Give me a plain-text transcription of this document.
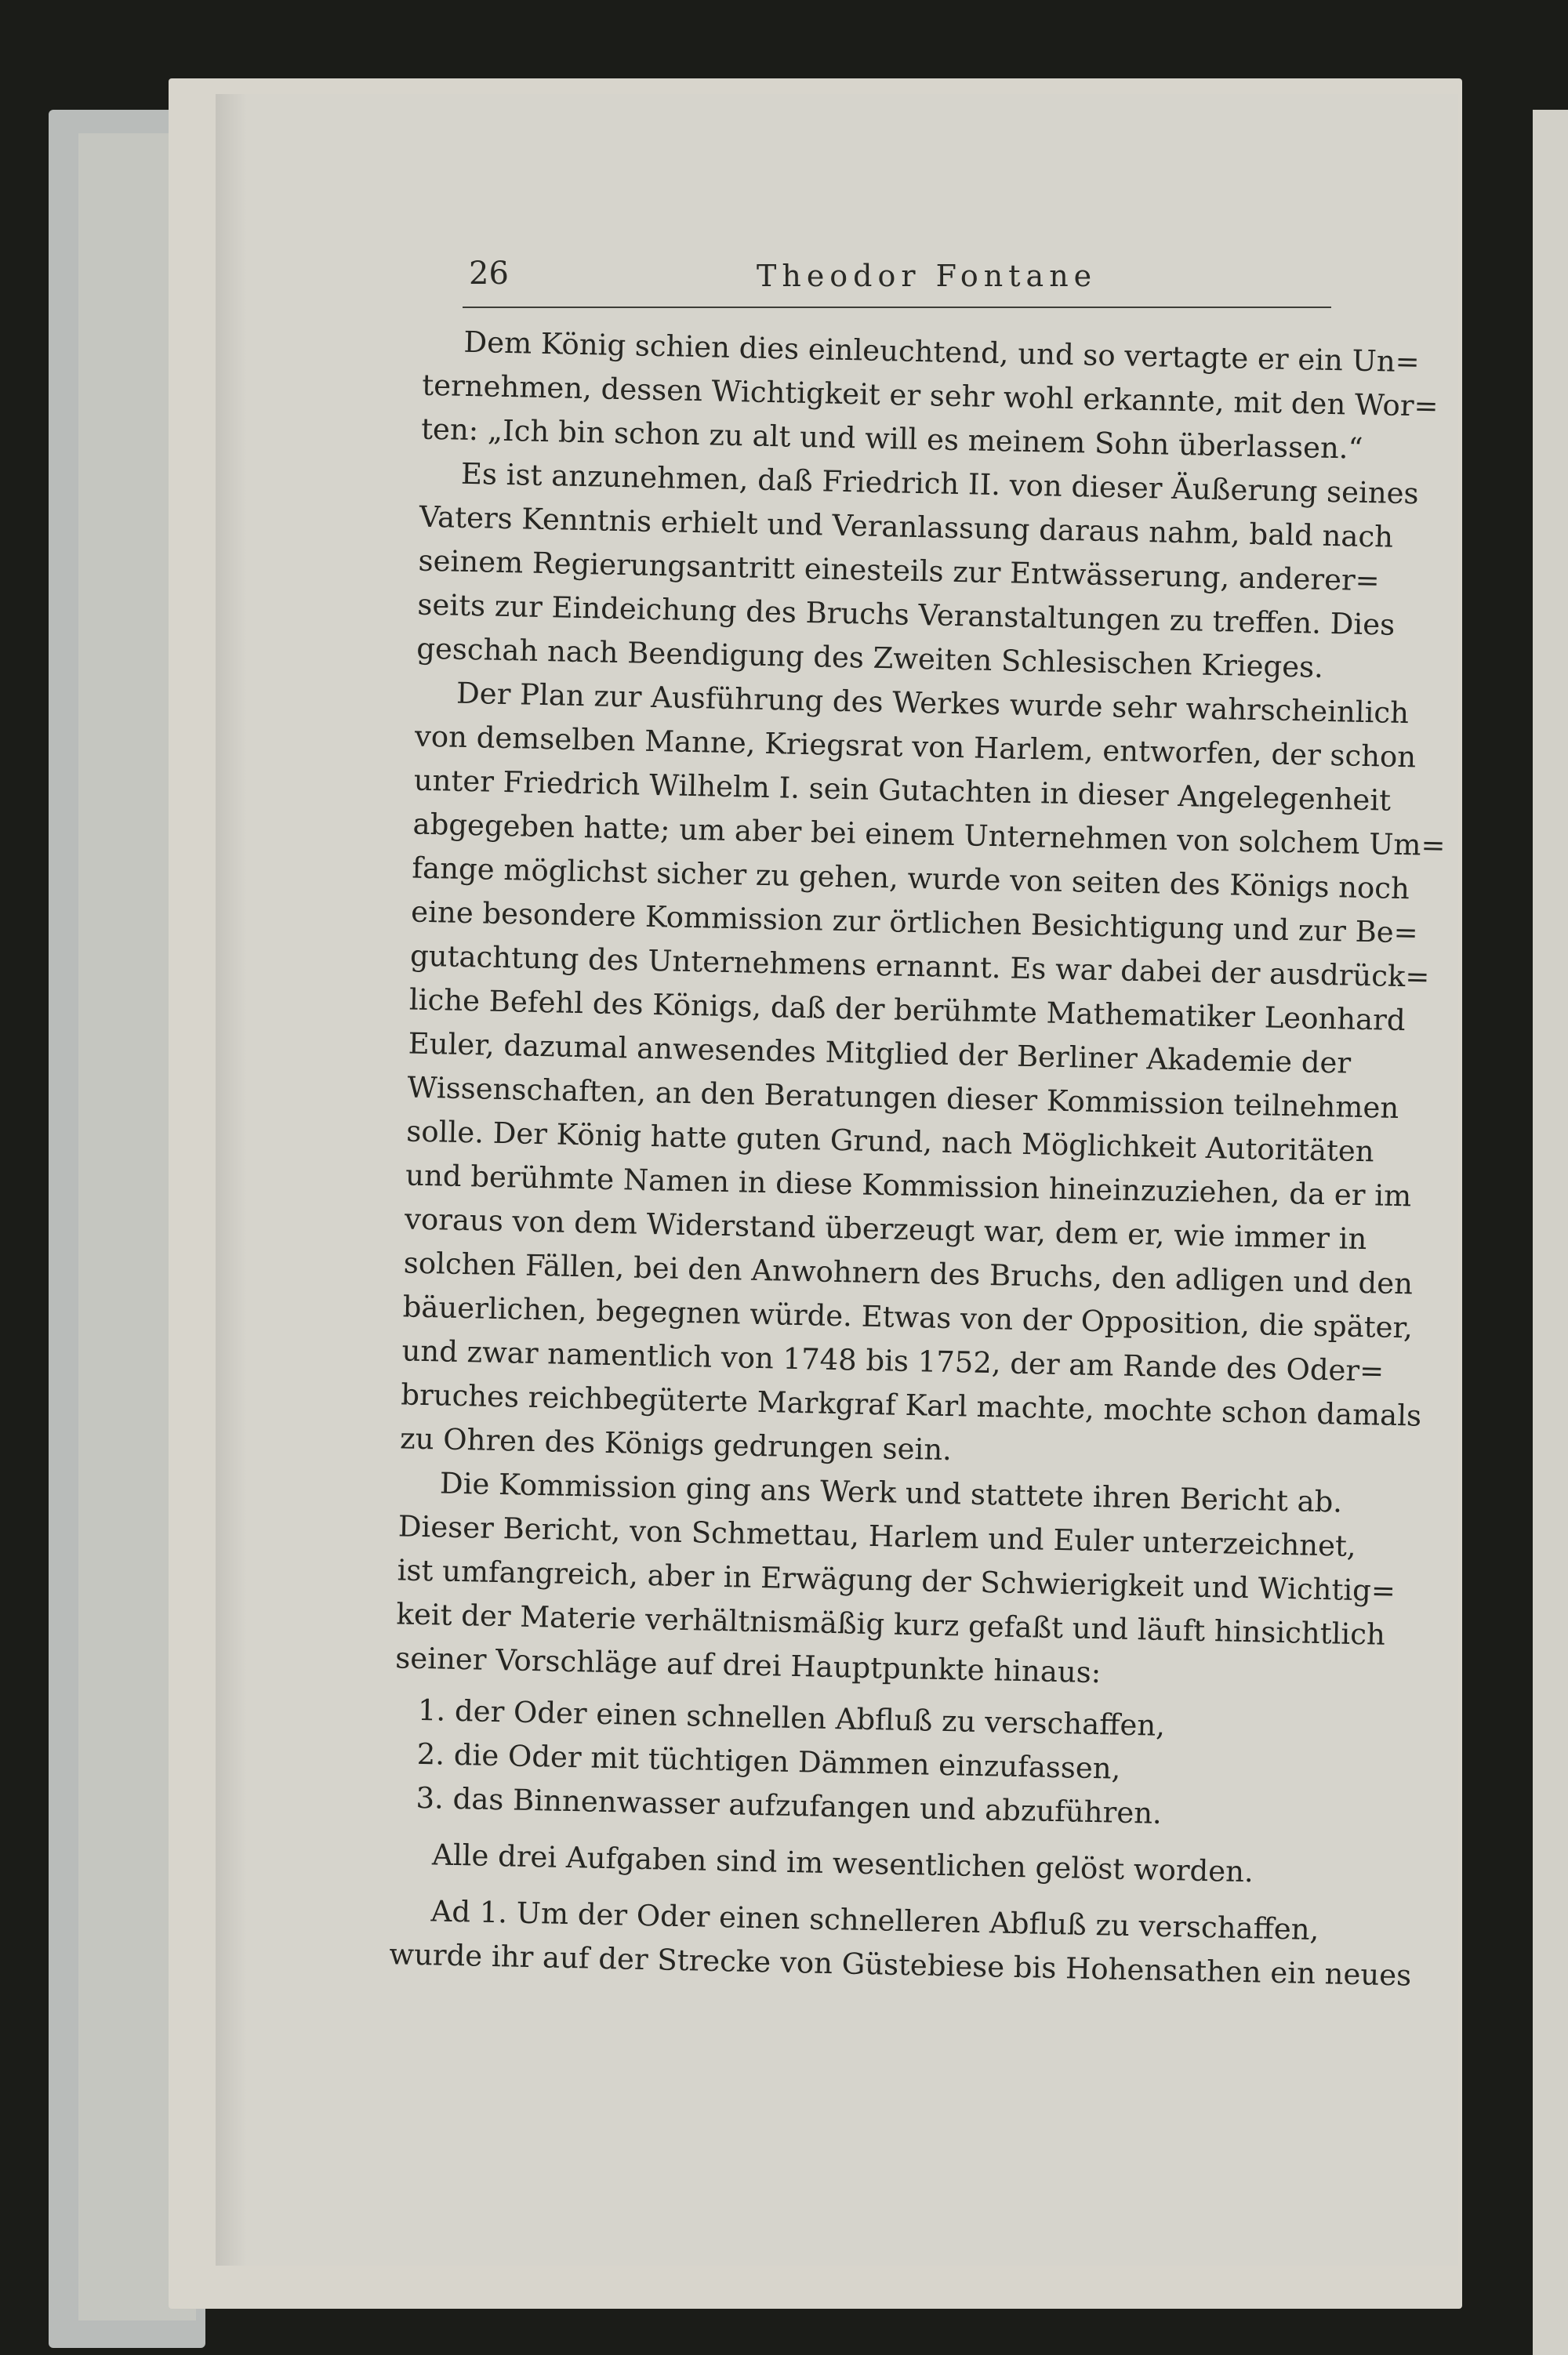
26	Theodor Fontane
Dem König schien dies einleuchtend, und so vertagte er ein Un=
ternehmen, dessen Wichtigkeit er sehr wohl erkannte, mit den Wor=
ten: „Ich bin schon zu alt und will es meinem Sohn überlassen.“
Es ist anzunehmen, daß Friedrich II. von dieser Äußerung seines
Vaters Kenntnis erhielt und Veranlassung daraus nahm, bald nach
seinem Regierungsantritt einesteils zur Entwässerung, anderer=
seits zur Eindeichung des Bruchs Veranstaltungen zu treffen. Dies
geschah nach Beendigung des Zweiten Schlesischen Krieges.
Der Plan zur Ausführung des Werkes wurde sehr wahrscheinlich
von demselben Manne, Kriegsrat von Harlem, entworfen, der schon
unter Friedrich Wilhelm I. sein Gutachten in dieser Angelegenheit
abgegeben hatte; um aber bei einem Unternehmen von solchem Um=
fange möglichst sicher zu gehen, wurde von seiten des Königs noch
eine besondere Kommission zur örtlichen Besichtigung und zur Be=
gutachtung des Unternehmens ernannt. Es war dabei der ausdrück=
liche Befehl des Königs, daß der berühmte Mathematiker Leonhard
Euler, dazumal anwesendes Mitglied der Berliner Akademie der
Wissenschaften, an den Beratungen dieser Kommission teilnehmen
solle. Der König hatte guten Grund, nach Möglichkeit Autoritäten
und berühmte Namen in diese Kommission hineinzuziehen, da er im
voraus von dem Widerstand überzeugt war, dem er, wie immer in
solchen Fällen, bei den Anwohnern des Bruchs, den adligen und den
bäuerlichen, begegnen würde. Etwas von der Opposition, die später,
und zwar namentlich von 1748 bis 1752, der am Rande des Oder=
bruches reichbegüterte Markgraf Karl machte, mochte schon damals
zu Ohren des Königs gedrungen sein.
Die Kommission ging ans Werk und stattete ihren Bericht ab.
Dieser Bericht, von Schmettau, Harlem und Euler unterzeichnet,
ist umfangreich, aber in Erwägung der Schwierigkeit und Wichtig=
keit der Materie verhältnismäßig kurz gefaßt und läuft hinsichtlich
seiner Vorschläge auf drei Hauptpunkte hinaus:
1. der Oder einen schnellen Abfluß zu verschaffen,
2. die Oder mit tüchtigen Dämmen einzufassen,
3. das Binnenwasser aufzufangen und abzuführen.
Alle drei Aufgaben sind im wesentlichen gelöst worden.
Ad 1. Um der Oder einen schnelleren Abfluß zu verschaffen,
wurde ihr auf der Strecke von Güstebiese bis Hohensathen ein neues
